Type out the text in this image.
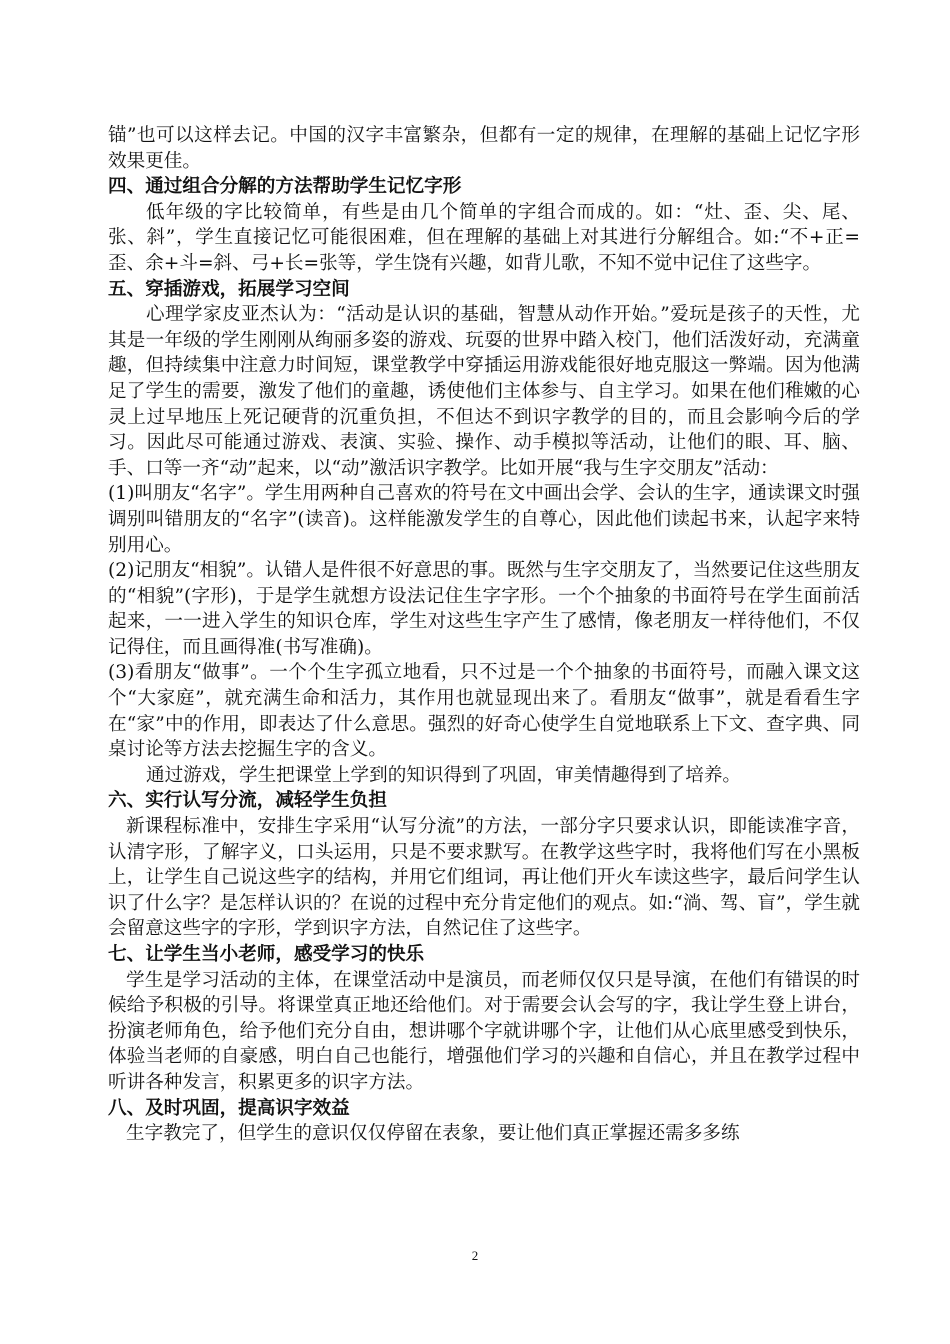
锚”也可以这样去记。中国的汉字丰富繁杂，但都有一定的规律，在理解的基础上记忆字形效果更佳。

四、通过组合分解的方法帮助学生记忆字形

低年级的字比较简单，有些是由几个简单的字组合而成的。如：“灶、歪、尖、尾、张、斜”，学生直接记忆可能很困难，但在理解的基础上对其进行分解组合。如:“不+正=歪、余+斗=斜、弓+长=张等，学生饶有兴趣，如背儿歌，不知不觉中记住了这些字。

五、穿插游戏，拓展学习空间

心理学家皮亚杰认为：“活动是认识的基础，智慧从动作开始。”爱玩是孩子的天性，尤其是一年级的学生刚刚从绚丽多姿的游戏、玩耍的世界中踏入校门，他们活泼好动，充满童趣，但持续集中注意力时间短，课堂教学中穿插运用游戏能很好地克服这一弊端。因为他满足了学生的需要，激发了他们的童趣，诱使他们主体参与、自主学习。如果在他们稚嫩的心灵上过早地压上死记硬背的沉重负担，不但达不到识字教学的目的，而且会影响今后的学习。因此尽可能通过游戏、表演、实验、操作、动手模拟等活动，让他们的眼、耳、脑、手、口等一齐“动”起来，以“动”激活识字教学。比如开展“我与生字交朋友”活动：

(1)叫朋友“名字”。学生用两种自己喜欢的符号在文中画出会学、会认的生字，通读课文时强调别叫错朋友的“名字”(读音)。这样能激发学生的自尊心，因此他们读起书来，认起字来特别用心。

(2)记朋友“相貌”。认错人是件很不好意思的事。既然与生字交朋友了，当然要记住这些朋友的“相貌”(字形)，于是学生就想方设法记住生字字形。一个个抽象的书面符号在学生面前活起来，一一进入学生的知识仓库，学生对这些生字产生了感情，像老朋友一样待他们，不仅记得住，而且画得准(书写准确)。

(3)看朋友“做事”。一个个生字孤立地看，只不过是一个个抽象的书面符号，而融入课文这个“大家庭”，就充满生命和活力，其作用也就显现出来了。看朋友“做事”，就是看看生字在“家”中的作用，即表达了什么意思。强烈的好奇心使学生自觉地联系上下文、查字典、同桌讨论等方法去挖掘生字的含义。

通过游戏，学生把课堂上学到的知识得到了巩固，审美情趣得到了培养。

六、实行认写分流，减轻学生负担

新课程标准中，安排生字采用“认写分流”的方法，一部分字只要求认识，即能读准字音，认清字形，了解字义，口头运用，只是不要求默写。在教学这些字时，我将他们写在小黑板上，让学生自己说这些字的结构，并用它们组词，再让他们开火车读这些字，最后问学生认识了什么字？是怎样认识的？在说的过程中充分肯定他们的观点。如:“淌、驾、盲”，学生就会留意这些字的字形，学到识字方法，自然记住了这些字。

七、让学生当小老师，感受学习的快乐

学生是学习活动的主体，在课堂活动中是演员，而老师仅仅只是导演，在他们有错误的时候给予积极的引导。将课堂真正地还给他们。对于需要会认会写的字，我让学生登上讲台，扮演老师角色，给予他们充分自由，想讲哪个字就讲哪个字，让他们从心底里感受到快乐，体验当老师的自豪感，明白自己也能行，增强他们学习的兴趣和自信心，并且在教学过程中听讲各种发言，积累更多的识字方法。

八、及时巩固，提高识字效益

生字教完了，但学生的意识仅仅停留在表象，要让他们真正掌握还需多多练

2
